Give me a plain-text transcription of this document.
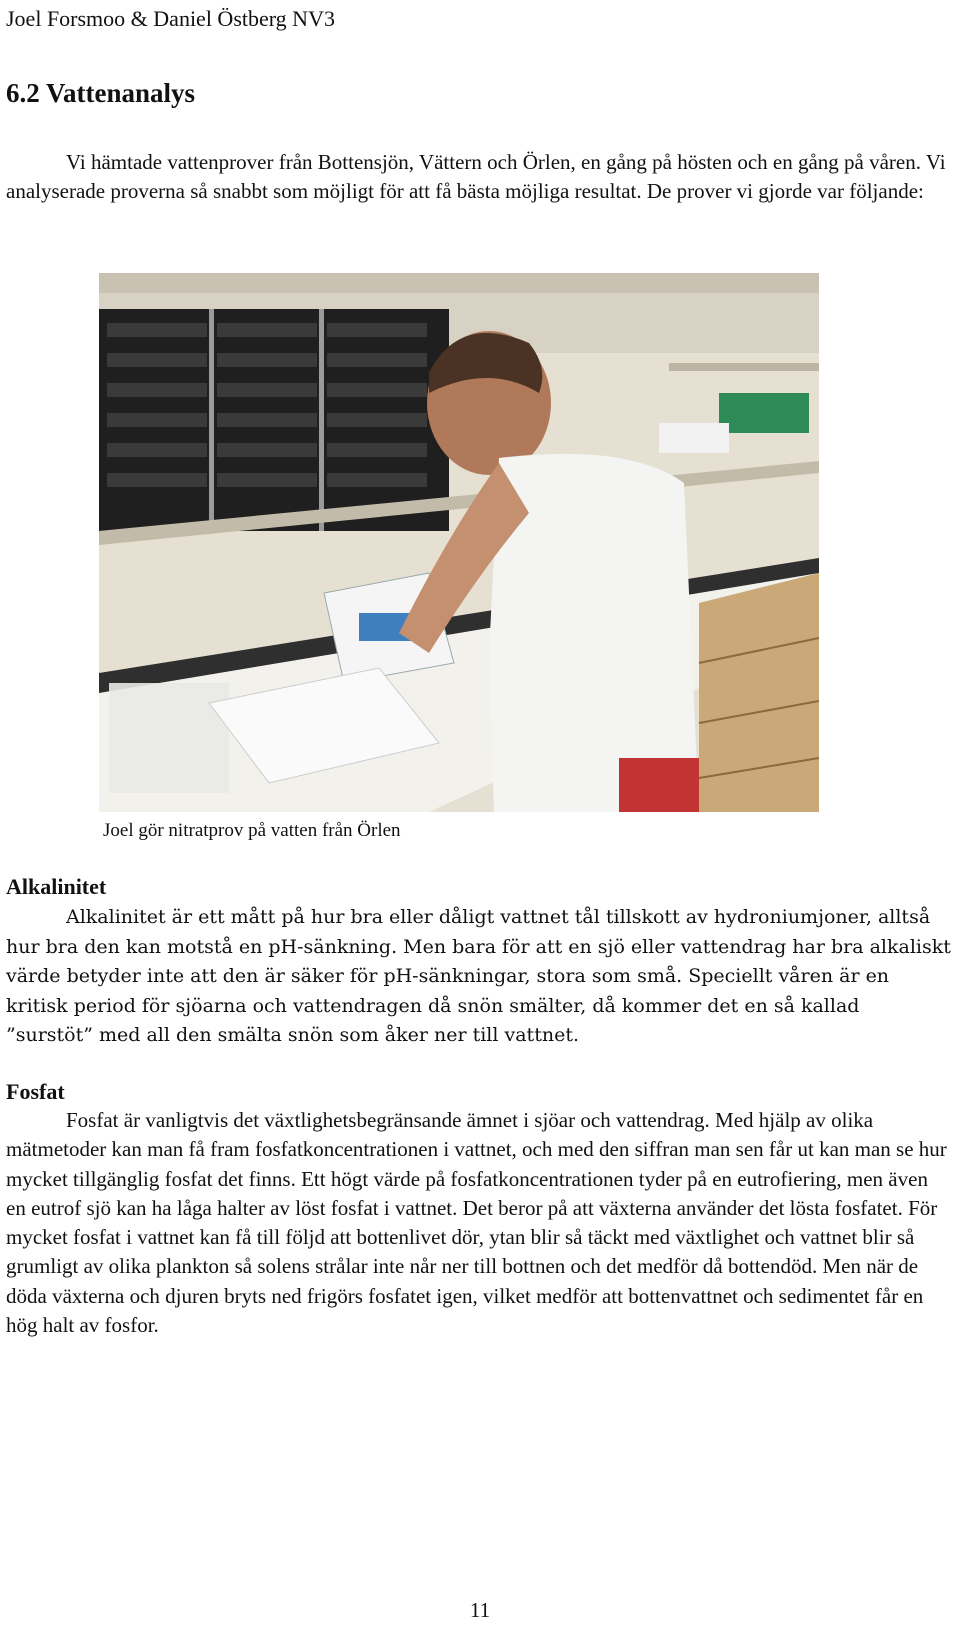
Joel Forsmoo & Daniel Östberg NV3
6.2 Vattenanalys

Vi hämtade vattenprover från Bottensjön, Vättern och Örlen, en gång på hösten och en gång på våren. Vi analyserade proverna så snabbt som möjligt för att få bästa möjliga resultat. De prover vi gjorde var följande:

Joel gör nitratprov på vatten från Örlen
Alkalinitet

Alkalinitet är ett mått på hur bra eller dåligt vattnet tål tillskott av hydroniumjoner, alltså hur bra den kan motstå en pH-sänkning. Men bara för att en sjö eller vattendrag har bra alkaliskt värde betyder inte att den är säker för pH-sänkningar, stora som små. Speciellt våren är en kritisk period för sjöarna och vattendragen då snön smälter, då kommer det en så kallad ”surstöt” med all den smälta snön som åker ner till vattnet.

Fosfat

Fosfat är vanligtvis det växtlighetsbegränsande ämnet i sjöar och vattendrag. Med hjälp av olika mätmetoder kan man få fram fosfatkoncentrationen i vattnet, och med den siffran man sen får ut kan man se hur mycket tillgänglig fosfat det finns. Ett högt värde på fosfatkoncentrationen tyder på en eutrofiering, men även en eutrof sjö kan ha låga halter av löst fosfat i vattnet. Det beror på att växterna använder det lösta fosfatet. För mycket fosfat i vattnet kan få till följd att bottenlivet dör, ytan blir så täckt med växtlighet och vattnet blir så grumligt av olika plankton så solens strålar inte når ner till bottnen och det medför då bottendöd. Men när de döda växterna och djuren bryts ned frigörs fosfatet igen, vilket medför att bottenvattnet och sedimentet får en hög halt av fosfor.

11
